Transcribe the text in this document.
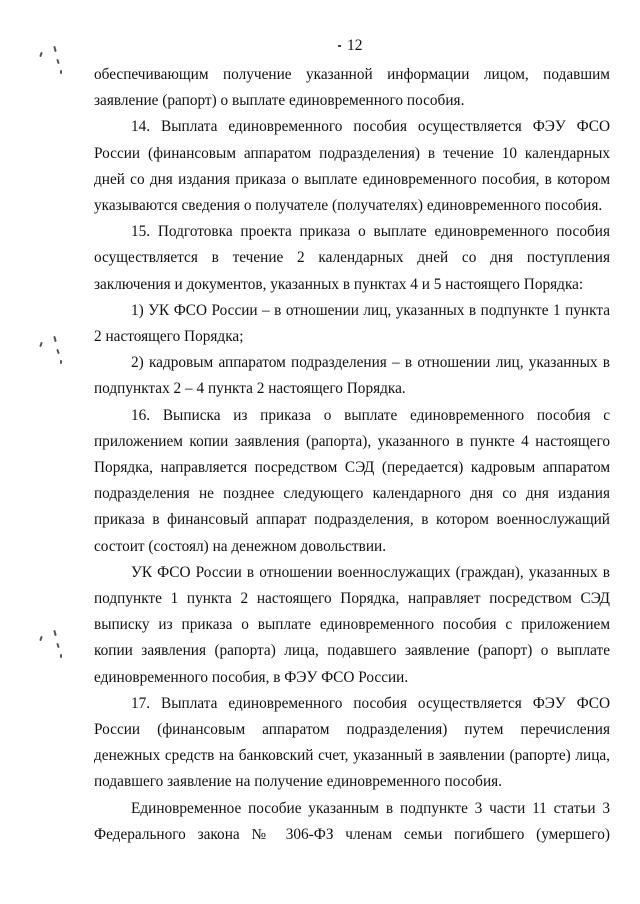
12

обеспечивающим получение указанной информации лицом, подавшим заявление (рапорт) о выплате единовременного пособия.

14. Выплата единовременного пособия осуществляется ФЭУ ФСО России (финансовым аппаратом подразделения) в течение 10 календарных дней со дня издания приказа о выплате единовременного пособия, в котором указываются сведения о получателе (получателях) единовременного пособия.

15. Подготовка проекта приказа о выплате единовременного пособия осуществляется в течение 2 календарных дней со дня поступления заключения и документов, указанных в пунктах 4 и 5 настоящего Порядка:

1) УК ФСО России – в отношении лиц, указанных в подпункте 1 пункта 2 настоящего Порядка;

2) кадровым аппаратом подразделения – в отношении лиц, указанных в подпунктах 2 – 4 пункта 2 настоящего Порядка.

16. Выписка из приказа о выплате единовременного пособия с приложением копии заявления (рапорта), указанного в пункте 4 настоящего Порядка, направляется посредством СЭД (передается) кадровым аппаратом подразделения не позднее следующего календарного дня со дня издания приказа в финансовый аппарат подразделения, в котором военнослужащий состоит (состоял) на денежном довольствии.

УК ФСО России в отношении военнослужащих (граждан), указанных в подпункте 1 пункта 2 настоящего Порядка, направляет посредством СЭД выписку из приказа о выплате единовременного пособия с приложением копии заявления (рапорта) лица, подавшего заявление (рапорт) о выплате единовременного пособия, в ФЭУ ФСО России.

17. Выплата единовременного пособия осуществляется ФЭУ ФСО России (финансовым аппаратом подразделения) путем перечисления денежных средств на банковский счет, указанный в заявлении (рапорте) лица, подавшего заявление на получение единовременного пособия.

Единовременное пособие указанным в подпункте 3 части 11 статьи 3 Федерального закона № 306-ФЗ членам семьи погибшего (умершего)
